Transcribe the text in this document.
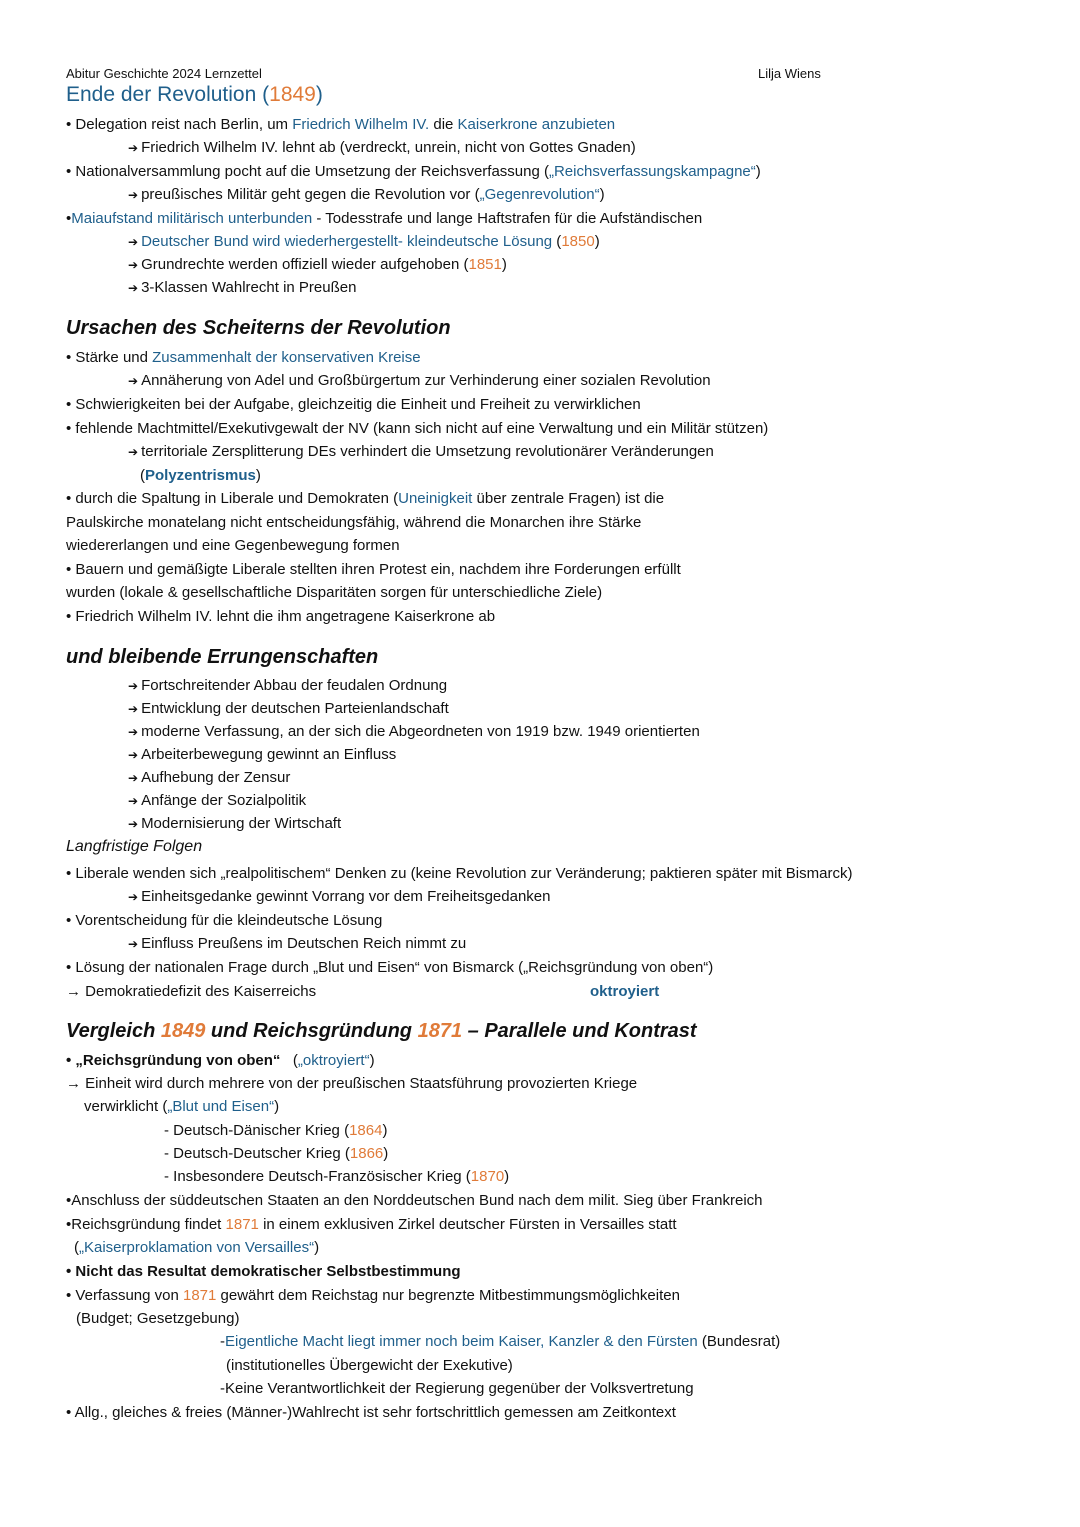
Abitur Geschichte 2024 Lernzettel	Lilja Wiens
Ende der Revolution (1849)
• Delegation reist nach Berlin, um Friedrich Wilhelm IV. die Kaiserkrone anzubieten
➔ Friedrich Wilhelm IV. lehnt ab (verdreckt, unrein, nicht von Gottes Gnaden)
• Nationalversammlung pocht auf die Umsetzung der Reichsverfassung („Reichsverfassungskampagne“)
➔ preußisches Militär geht gegen die Revolution vor („Gegenrevolution“)
•Maiaufstand militärisch unterbunden - Todesstrafe und lange Haftstrafen für die Aufständischen
➔ Deutscher Bund wird wiederhergestellt- kleindeutsche Lösung (1850)
➔ Grundrechte werden offiziell wieder aufgehoben (1851)
➔ 3-Klassen Wahlrecht in Preußen
Ursachen des Scheiterns der Revolution
• Stärke und Zusammenhalt der konservativen Kreise
➔ Annäherung von Adel und Großbürgertum zur Verhinderung einer sozialen Revolution
• Schwierigkeiten bei der Aufgabe, gleichzeitig die Einheit und Freiheit zu verwirklichen
• fehlende Machtmittel/Exekutivgewalt der NV (kann sich nicht auf eine Verwaltung und ein Militär stützen)
➔ territoriale Zersplitterung DEs verhindert die Umsetzung revolutionärer Veränderungen
(Polyzentrismus)
• durch die Spaltung in Liberale und Demokraten (Uneinigkeit über zentrale Fragen) ist die
Paulskirche monatelang nicht entscheidungsfähig, während die Monarchen ihre Stärke
wiedererlangen und eine Gegenbewegung formen
• Bauern und gemäßigte Liberale stellten ihren Protest ein, nachdem ihre Forderungen erfüllt
wurden (lokale & gesellschaftliche Disparitäten sorgen für unterschiedliche Ziele)
• Friedrich Wilhelm IV. lehnt die ihm angetragene Kaiserkrone ab
und bleibende Errungenschaften
➔ Fortschreitender Abbau der feudalen Ordnung
➔ Entwicklung der deutschen Parteienlandschaft
➔ moderne Verfassung, an der sich die Abgeordneten von 1919 bzw. 1949 orientierten
➔ Arbeiterbewegung gewinnt an Einfluss
➔ Aufhebung der Zensur
➔ Anfänge der Sozialpolitik
➔ Modernisierung der Wirtschaft
Langfristige Folgen
• Liberale wenden sich „realpolitischem“ Denken zu (keine Revolution zur Veränderung; paktieren später mit Bismarck)
➔ Einheitsgedanke gewinnt Vorrang vor dem Freiheitsgedanken
• Vorentscheidung für die kleindeutsche Lösung
➔ Einfluss Preußens im Deutschen Reich nimmt zu
• Lösung der nationalen Frage durch „Blut und Eisen“ von Bismarck („Reichsgründung von oben“)
→ Demokratiedefizit des Kaiserreichs	oktroyiert
Vergleich 1849 und Reichsgründung 1871 – Parallele und Kontrast
• „Reichsgründung von oben“   („oktroyiert“)
→ Einheit wird durch mehrere von der preußischen Staatsführung provozierten Kriege
verwirklicht („Blut und Eisen“)
- Deutsch-Dänischer Krieg (1864)
- Deutsch-Deutscher Krieg (1866)
- Insbesondere Deutsch-Französischer Krieg (1870)
•Anschluss der süddeutschen Staaten an den Norddeutschen Bund nach dem milit. Sieg über Frankreich
•Reichsgründung findet 1871 in einem exklusiven Zirkel deutscher Fürsten in Versailles statt
(„Kaiserproklamation von Versailles“)
• Nicht das Resultat demokratischer Selbstbestimmung
• Verfassung von 1871 gewährt dem Reichstag nur begrenzte Mitbestimmungsmöglichkeiten
(Budget; Gesetzgebung)
-Eigentliche Macht liegt immer noch beim Kaiser, Kanzler & den Fürsten (Bundesrat)
(institutionelles Übergewicht der Exekutive)
-Keine Verantwortlichkeit der Regierung gegenüber der Volksvertretung
• Allg., gleiches & freies (Männer-)Wahlrecht ist sehr fortschrittlich gemessen am Zeitkontext
